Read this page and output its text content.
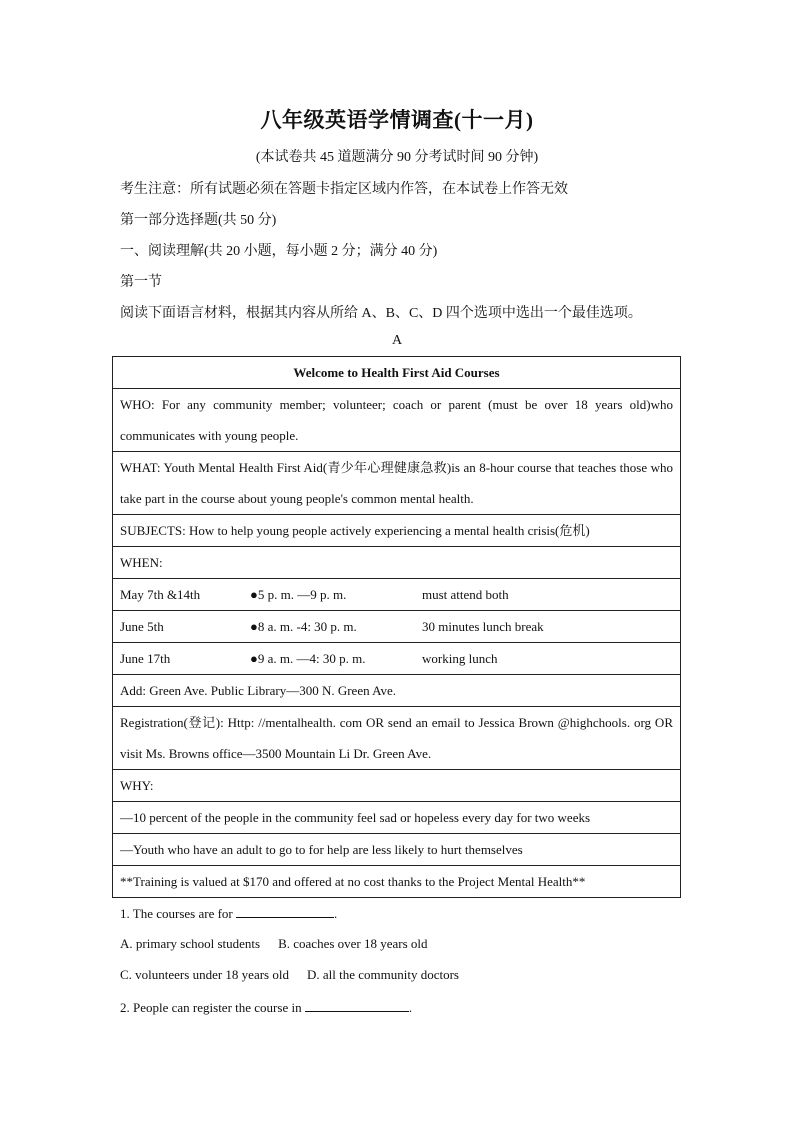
八年级英语学情调查(十一月)
(本试卷共 45 道题满分 90 分考试时间 90 分钟)
考生注意：所有试题必须在答题卡指定区域内作答，在本试卷上作答无效
第一部分选择题(共 50 分)
一、阅读理解(共 20 小题，每小题 2 分；满分 40 分)
第一节
阅读下面语言材料，根据其内容从所给 A、B、C、D 四个选项中选出一个最佳选项。
A
Welcome to Health First Aid Courses
WHO: For any community member; volunteer; coach or parent (must be over 18 years old)who communicates with young people.
WHAT: Youth Mental Health First Aid(青少年心理健康急救)is an 8-hour course that teaches those who take part in the course about young people's common mental health.
SUBJECTS: How to help young people actively experiencing a mental health crisis(危机)
WHEN:
May 7th &14th	●5 p. m. —9 p. m.	must attend both
June 5th	●8 a. m. -4: 30 p. m.	30 minutes lunch break
June 17th	●9 a. m. —4: 30 p. m.	working lunch
Add: Green Ave. Public Library—300 N. Green Ave.
Registration(登记): Http: //mentalhealth. com OR send an email to Jessica Brown @highchools. org OR visit Ms. Browns office—3500 Mountain Li Dr. Green Ave.
WHY:
—10 percent of the people in the community feel sad or hopeless every day for two weeks
—Youth who have an adult to go to for help are less likely to hurt themselves
**Training is valued at $170 and offered at no cost thanks to the Project Mental Health**
1. The courses are for	.
A. primary school students B. coaches over 18 years old
C. volunteers under 18 years old D. all the community doctors
2. People can register the course in	.
